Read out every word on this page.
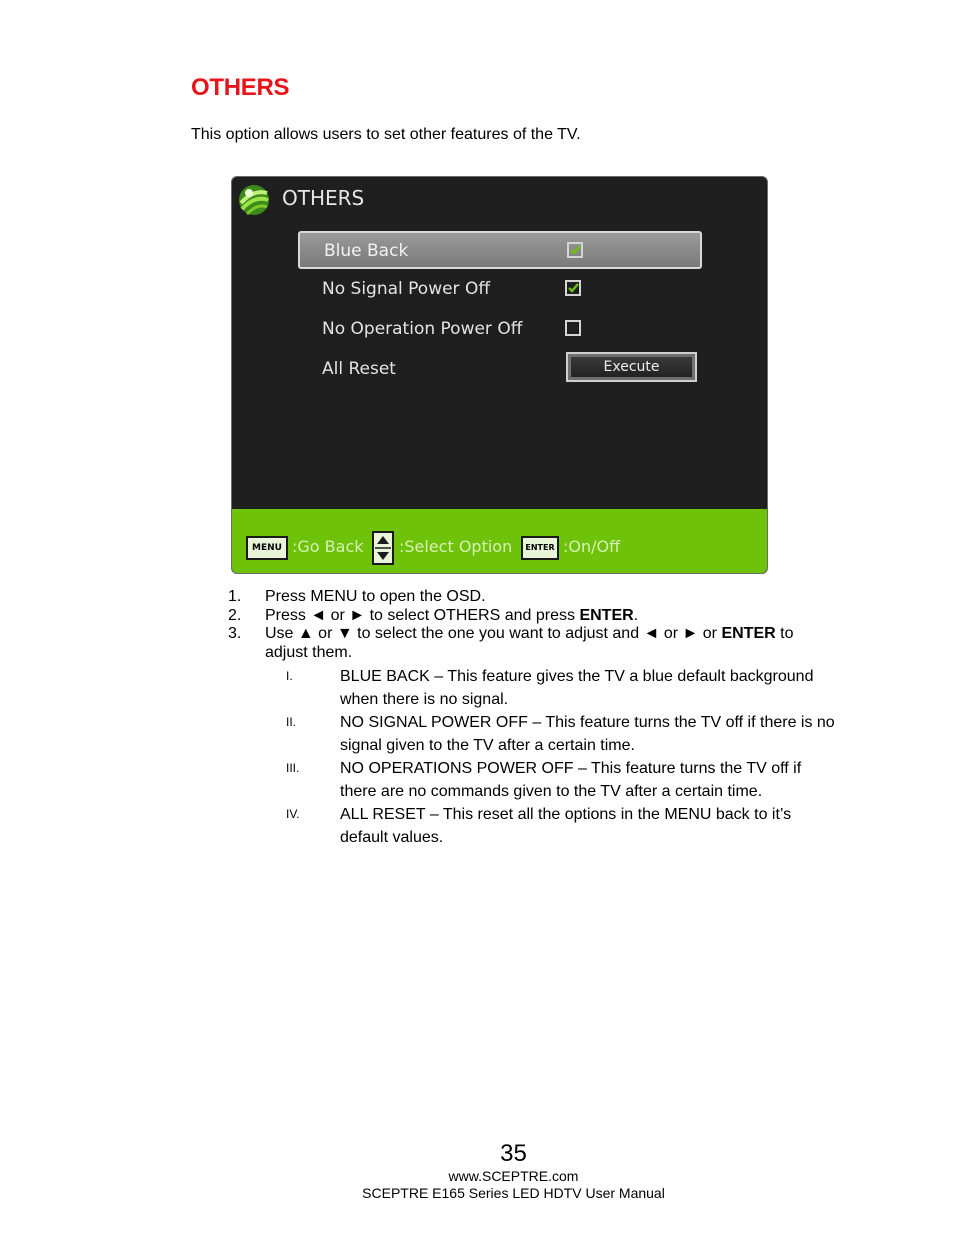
OTHERS
This option allows users to set other features of the TV.
OTHERS
Blue Back
No Signal Power Off
No Operation Power Off
All Reset	Execute
MENU :Go Back :Select Option	ENTER :On/Off
1. Press MENU to open the OSD.
2. Press ◄ or ► to select OTHERS and press ENTER.
3. Use ▲ or ▼ to select the one you want to adjust and ◄ or ► or ENTER to adjust them.
I.	BLUE BACK – This feature gives the TV a blue default background when there is no signal.
II.	NO SIGNAL POWER OFF – This feature turns the TV off if there is no signal given to the TV after a certain time.
III.	NO OPERATIONS POWER OFF – This feature turns the TV off if there are no commands given to the TV after a certain time.
IV.	ALL RESET – This reset all the options in the MENU back to it’s default values.
35
www.SCEPTRE.com
SCEPTRE E165 Series LED HDTV User Manual
